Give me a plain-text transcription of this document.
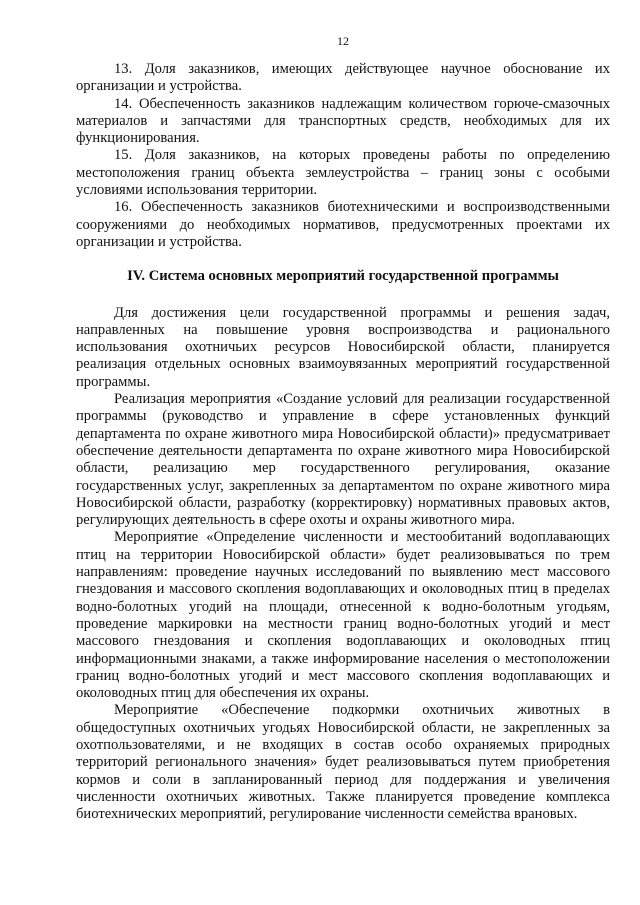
12

13. Доля заказников, имеющих действующее научное обоснование их организации и устройства.

14. Обеспеченность заказников надлежащим количеством горюче-смазочных материалов и запчастями для транспортных средств, необходимых для их функционирования.

15. Доля заказников, на которых проведены работы по определению местоположения границ объекта землеустройства – границ зоны с особыми условиями использования территории.

16. Обеспеченность заказников биотехническими и воспроизводственными сооружениями до необходимых нормативов, предусмотренных проектами их организации и устройства.

IV. Система основных мероприятий государственной программы

Для достижения цели государственной программы и решения задач, направленных на повышение уровня воспроизводства и рационального использования охотничьих ресурсов Новосибирской области, планируется реализация отдельных основных взаимоувязанных мероприятий государственной программы.

Реализация мероприятия «Создание условий для реализации государственной программы (руководство и управление в сфере установленных функций департамента по охране животного мира Новосибирской области)» предусматривает обеспечение деятельности департамента по охране животного мира Новосибирской области, реализацию мер государственного регулирования, оказание государственных услуг, закрепленных за департаментом по охране животного мира Новосибирской области, разработку (корректировку) нормативных правовых актов, регулирующих деятельность в сфере охоты и охраны животного мира.

Мероприятие «Определение численности и местообитаний водоплавающих птиц на территории Новосибирской области» будет реализовываться по трем направлениям: проведение научных исследований по выявлению мест массового гнездования и массового скопления водоплавающих и околоводных птиц в пределах водно-болотных угодий на площади, отнесенной к водно-болотным угодьям, проведение маркировки на местности границ водно-болотных угодий и мест массового гнездования и скопления водоплавающих и околоводных птиц информационными знаками, а также информирование населения о местоположении границ водно-болотных угодий и мест массового скопления водоплавающих и околоводных птиц для обеспечения их охраны.

Мероприятие «Обеспечение подкормки охотничьих животных в общедоступных охотничьих угодьях Новосибирской области, не закрепленных за охотпользователями, и не входящих в состав особо охраняемых природных территорий регионального значения» будет реализовываться путем приобретения кормов и соли в запланированный период для поддержания и увеличения численности охотничьих животных. Также планируется проведение комплекса биотехнических мероприятий, регулирование численности семейства врановых.
